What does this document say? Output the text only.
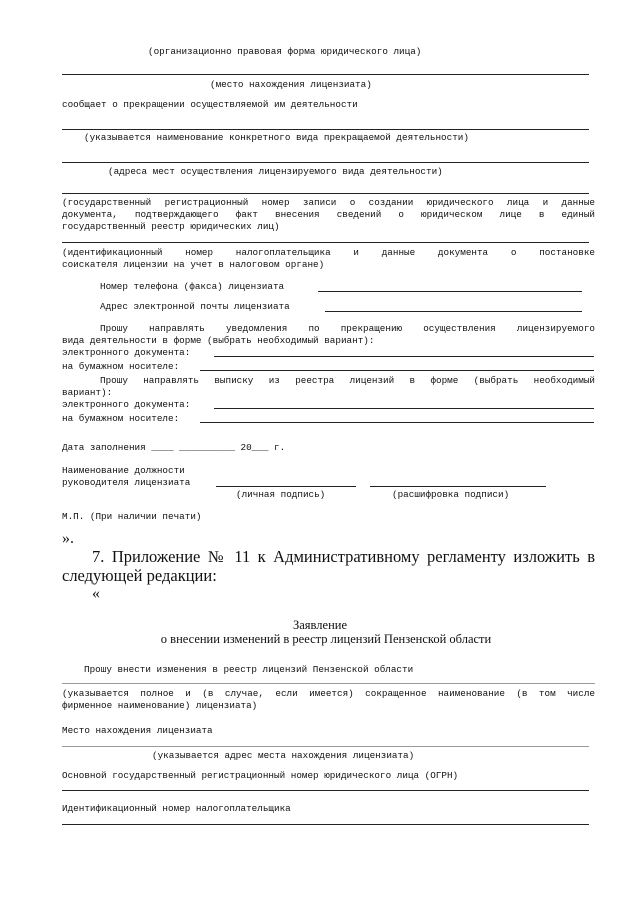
(организационно правовая форма юридического лица)
(место нахождения лицензиата)
сообщает о прекращении осуществляемой им деятельности
(указывается наименование конкретного вида прекращаемой деятельности)
(адреса мест осуществления лицензируемого вида деятельности)
(государственный регистрационный номер записи о создании юридического лица и данные
документа, подтверждающего факт внесения сведений о юридическом лице в единый
государственный реестр юридических лиц)
(идентификационный номер налогоплательщика и данные документа о постановке
соискателя лицензии на учет в налоговом органе)
Номер телефона (факса) лицензиата
Адрес электронной почты лицензиата
Прошу направлять уведомления по прекращению осуществления лицензируемого
вида деятельности в форме (выбрать необходимый вариант):
электронного документа:
на бумажном носителе:
Прошу направлять выписку из реестра лицензий в форме (выбрать необходимый
вариант):
электронного документа:
на бумажном носителе:
Дата заполнения ____ __________ 20___ г.
Наименование должности
руководителя лицензиата
(личная подпись)	(расшифровка подписи)
М.П. (При наличии печати)
».
7. Приложение № 11 к Административному регламенту изложить в
следующей редакции:
«
Заявление
о внесении изменений в реестр лицензий Пензенской области
Прошу внести изменения в реестр лицензий Пензенской области
(указывается полное и (в случае, если имеется) сокращенное наименование (в том числе
фирменное наименование) лицензиата)
Место нахождения лицензиата
(указывается адрес места нахождения лицензиата)
Основной государственный регистрационный номер юридического лица (ОГРН)
Идентификационный номер налогоплательщика
